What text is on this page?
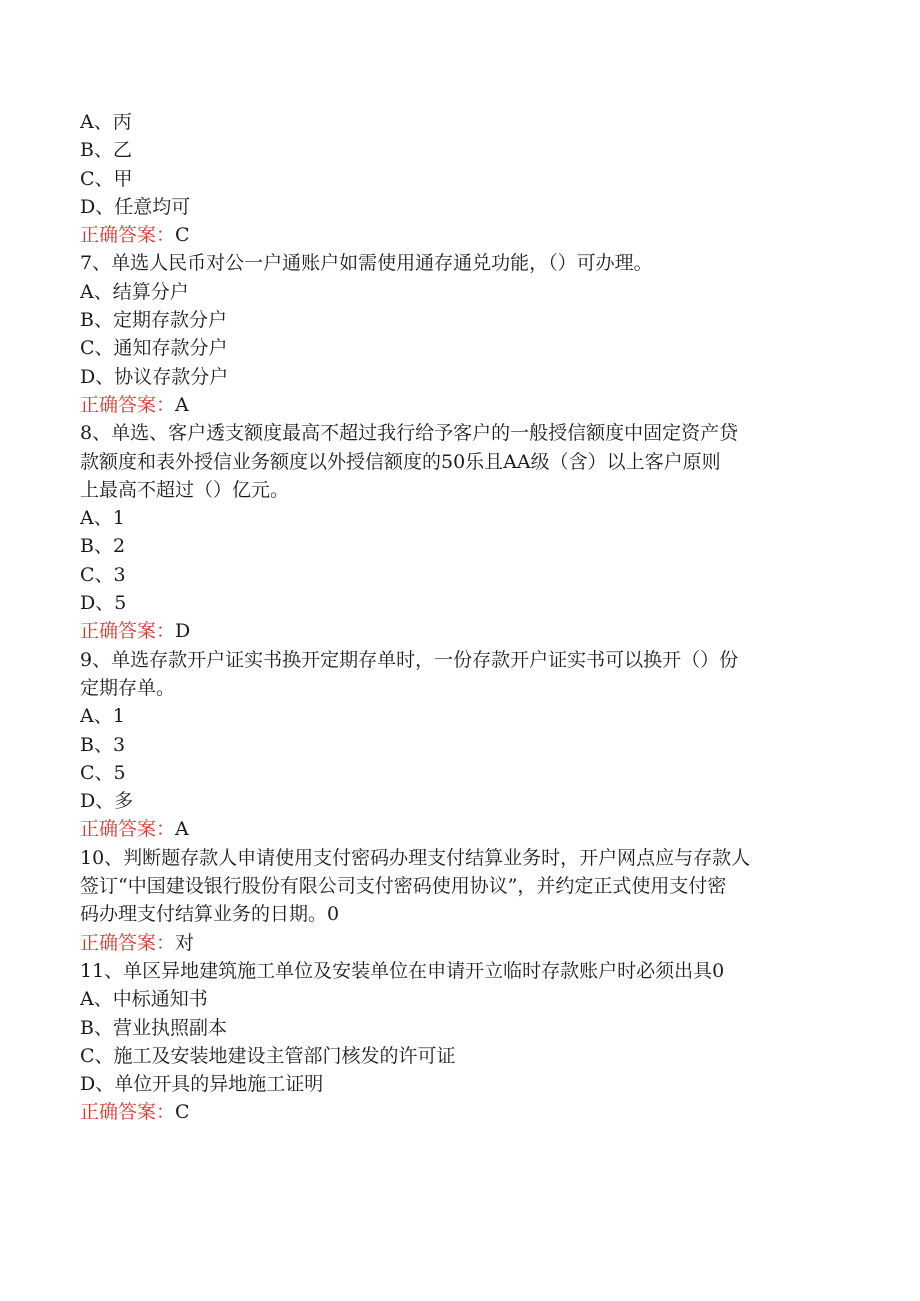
A、丙
B、乙
C、甲
D、任意均可
正确答案：C
7、单选人民币对公一户通账户如需使用通存通兑功能，（）可办理。
A、结算分户
B、定期存款分户
C、通知存款分户
D、协议存款分户
正确答案：A
8、单选、客户透支额度最高不超过我行给予客户的一般授信额度中固定资产贷
款额度和表外授信业务额度以外授信额度的50乐且AA级（含）以上客户原则
上最高不超过（）亿元。
A、1
B、2
C、3
D、5
正确答案：D
9、单选存款开户证实书换开定期存单时，一份存款开户证实书可以换开（）份
定期存单。
A、1
B、3
C、5
D、多
正确答案：A
10、判断题存款人申请使用支付密码办理支付结算业务时，开户网点应与存款人
签订“中国建设银行股份有限公司支付密码使用协议”，并约定正式使用支付密
码办理支付结算业务的日期。0
正确答案：对
11、单区异地建筑施工单位及安装单位在申请开立临时存款账户时必须出具0
A、中标通知书
B、营业执照副本
C、施工及安装地建设主管部门核发的许可证
D、单位开具的异地施工证明
正确答案：C
